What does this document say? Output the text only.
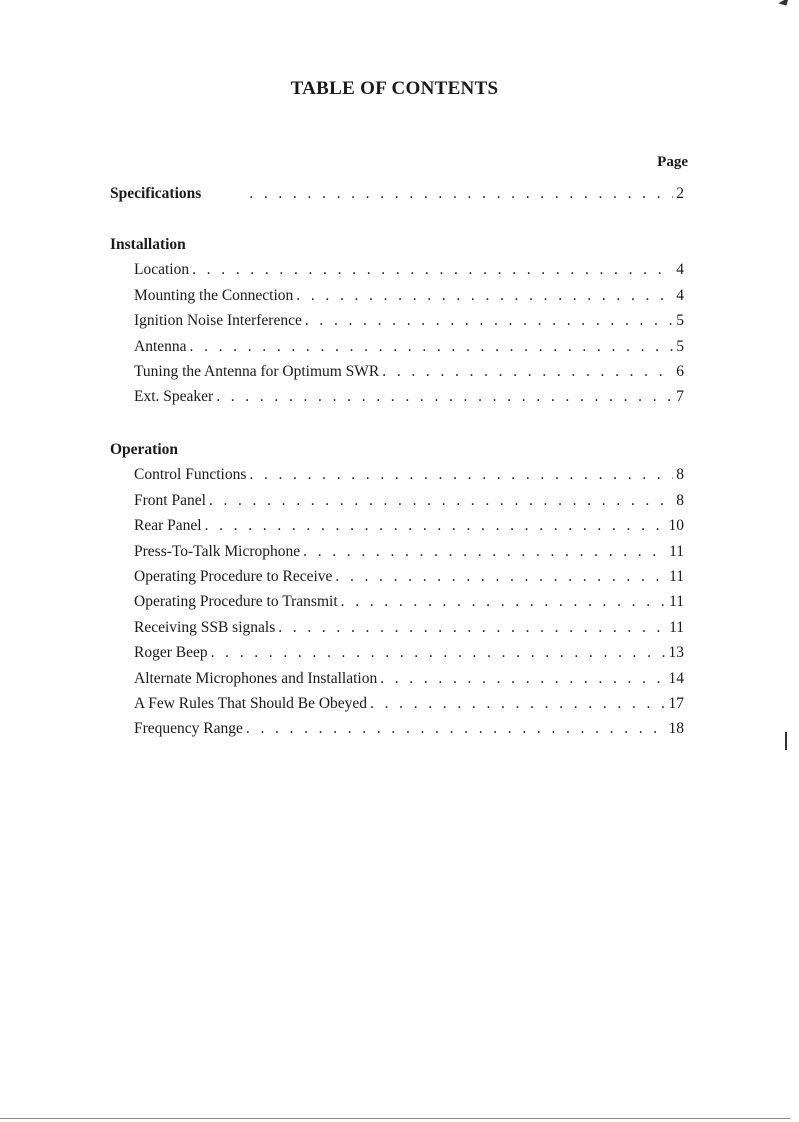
TABLE OF CONTENTS
Page
Specifications . . .	2
Installation
Location . . .	4
Mounting the Connection . . .	4
Ignition Noise Interference . . .	5
Antenna . . .	5
Tuning the Antenna for Optimum SWR . . .	6
Ext. Speaker . . .	7
Operation
Control Functions . . .	8
Front Panel . . .	8
Rear Panel . . .	10
Press-To-Talk Microphone . . .	11
Operating Procedure to Receive . . .	11
Operating Procedure to Transmit . . .	11
Receiving SSB signals . . .	11
Roger Beep . . .	13
Alternate Microphones and Installation . . .	14
A Few Rules That Should Be Obeyed . . .	17
Frequency Range . . .	18
